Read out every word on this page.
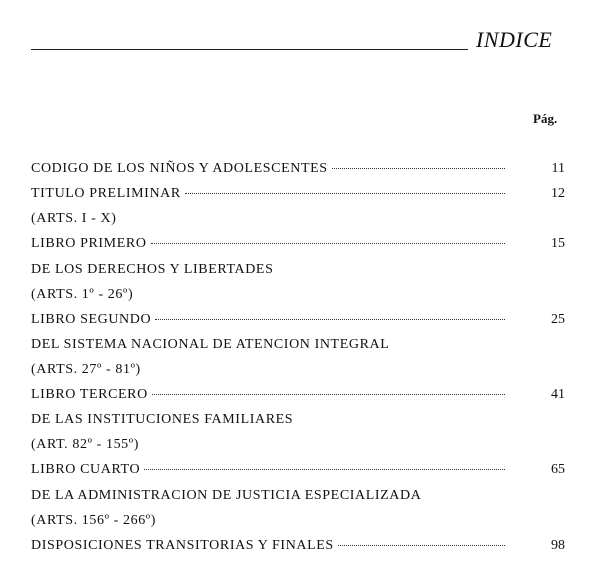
INDICE
Pág.
CODIGO DE LOS NIÑOS Y ADOLESCENTES	11
TITULO PRELIMINAR	12
(ARTS. I - X)
LIBRO PRIMERO	15
DE LOS DERECHOS Y LIBERTADES
(ARTS. 1º - 26º)
LIBRO SEGUNDO	25
DEL SISTEMA NACIONAL DE ATENCION INTEGRAL
(ARTS. 27º - 81º)
LIBRO TERCERO	41
DE LAS INSTITUCIONES FAMILIARES
(ART. 82º - 155º)
LIBRO CUARTO	65
DE LA ADMINISTRACION DE JUSTICIA ESPECIALIZADA
(ARTS. 156º - 266º)
DISPOSICIONES TRANSITORIAS Y FINALES	98
